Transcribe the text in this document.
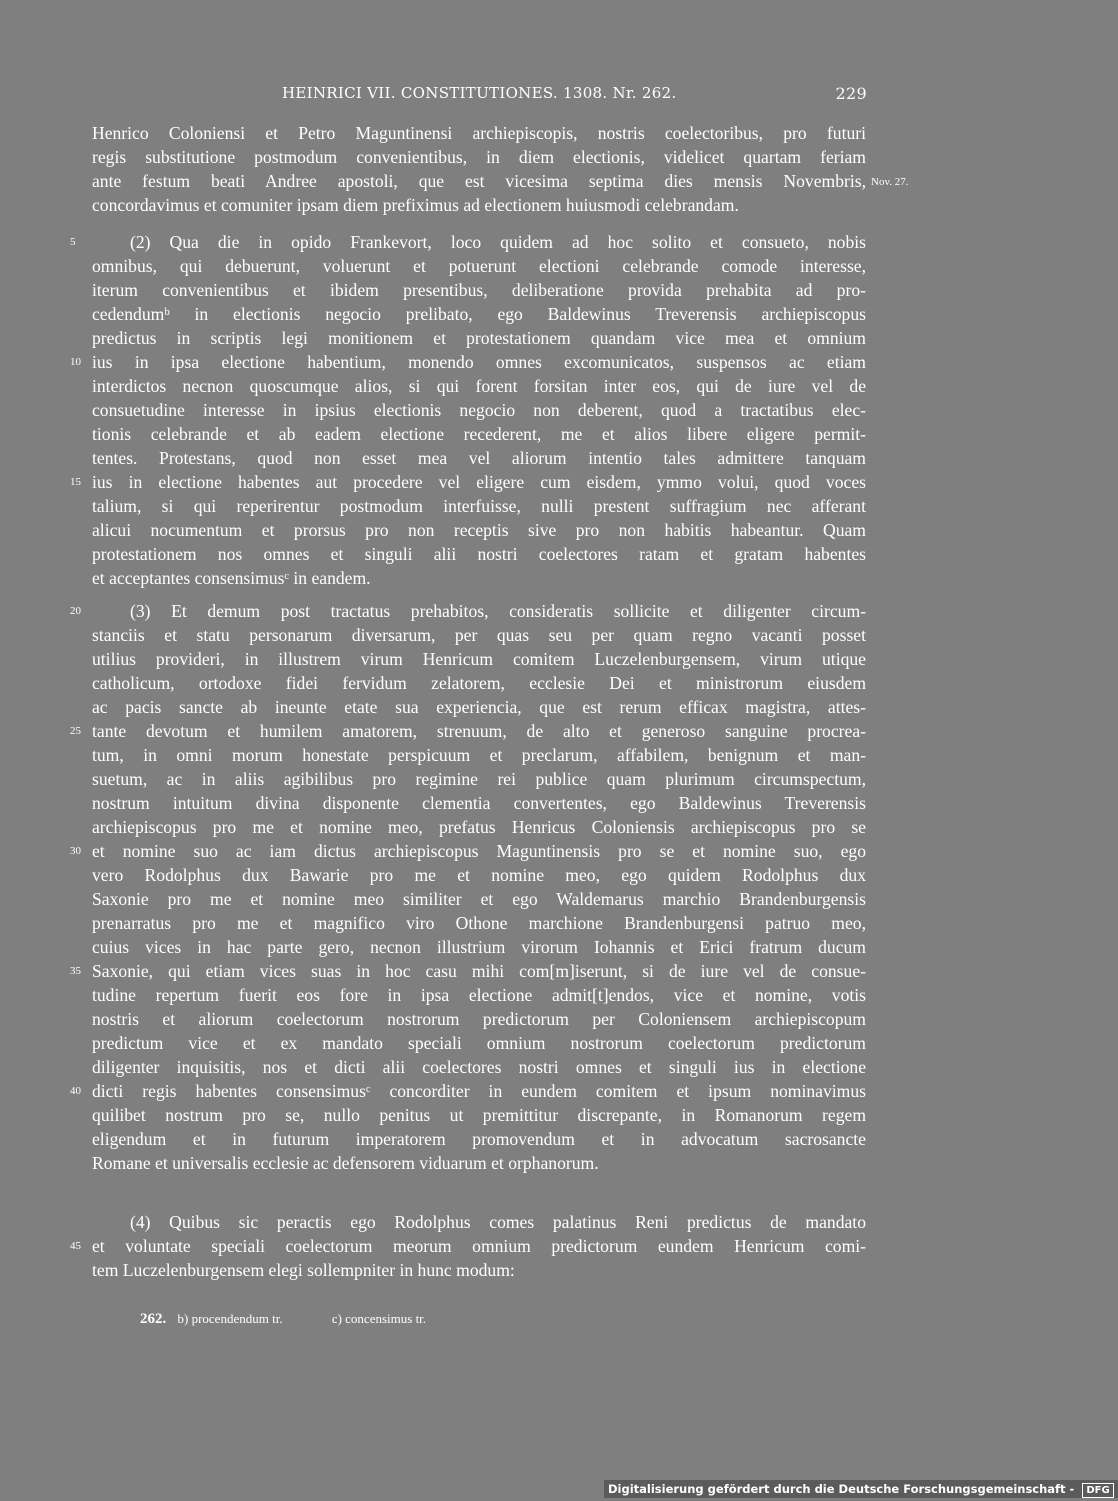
HEINRICI VII. CONSTITUTIONES. 1308. Nr. 262.	229
Henrico Coloniensi et Petro Maguntinensi archiepiscopis, nostris coelectoribus, pro futuri
regis substitutione postmodum convenientibus, in diem electionis, videlicet quartam feriam
ante festum beati Andree apostoli, que est vicesima septima dies mensis Novembris,
concordavimus et comuniter ipsam diem prefiximus ad electionem huiusmodi celebrandam.
Nov. 27.
5	(2) Qua die in opido Frankevort, loco quidem ad hoc solito et consueto, nobis
omnibus, qui debuerunt, voluerunt et potuerunt electioni celebrande comode interesse,
iterum convenientibus et ibidem presentibus, deliberatione provida prehabita ad pro-
cedendumᵇ in electionis negocio prelibato, ego Baldewinus Treverensis archiepiscopus
predictus in scriptis legi monitionem et protestationem quandam vice mea et omnium
10 ius in ipsa electione habentium, monendo omnes excomunicatos, suspensos ac etiam
interdictos necnon quoscumque alios, si qui forent forsitan inter eos, qui de iure vel de
consuetudine interesse in ipsius electionis negocio non deberent, quod a tractatibus elec-
tionis celebrande et ab eadem electione recederent, me et alios libere eligere permit-
tentes. Protestans, quod non esset mea vel aliorum intentio tales admittere tanquam
15 ius in electione habentes aut procedere vel eligere cum eisdem, ymmo volui, quod voces
talium, si qui reperirentur postmodum interfuisse, nulli prestent suffragium nec afferant
alicui nocumentum et prorsus pro non receptis sive pro non habitis habeantur. Quam
protestationem nos omnes et singuli alii nostri coelectores ratam et gratam habentes
et acceptantes consensimusᶜ in eandem.
20	(3) Et demum post tractatus prehabitos, consideratis sollicite et diligenter circum-
stanciis et statu personarum diversarum, per quas seu per quam regno vacanti posset
utilius provideri, in illustrem virum Henricum comitem Luczelenburgensem, virum utique
catholicum, ortodoxe fidei fervidum zelatorem, ecclesie Dei et ministrorum eiusdem
ac pacis sancte ab ineunte etate sua experiencia, que est rerum efficax magistra, attes-
25 tante devotum et humilem amatorem, strenuum, de alto et generoso sanguine procrea-
tum, in omni morum honestate perspicuum et preclarum, affabilem, benignum et man-
suetum, ac in aliis agibilibus pro regimine rei publice quam plurimum circumspectum,
nostrum intuitum divina disponente clementia convertentes, ego Baldewinus Treverensis
archiepiscopus pro me et nomine meo, prefatus Henricus Coloniensis archiepiscopus pro se
30 et nomine suo ac iam dictus archiepiscopus Maguntinensis pro se et nomine suo, ego
vero Rodolphus dux Bawarie pro me et nomine meo, ego quidem Rodolphus dux
Saxonie pro me et nomine meo similiter et ego Waldemarus marchio Brandenburgensis
prenarratus pro me et magnifico viro Othone marchione Brandenburgensi patruo meo,
cuius vices in hac parte gero, necnon illustrium virorum Iohannis et Erici fratrum ducum
35 Saxonie, qui etiam vices suas in hoc casu mihi com[m]iserunt, si de iure vel de consue-
tudine repertum fuerit eos fore in ipsa electione admit[t]endos, vice et nomine, votis
nostris et aliorum coelectorum nostrorum predictorum per Coloniensem archiepiscopum
predictum vice et ex mandato speciali omnium nostrorum coelectorum predictorum
diligenter inquisitis, nos et dicti alii coelectores nostri omnes et singuli ius in electione
40 dicti regis habentes consensimusᶜ concorditer in eundem comitem et ipsum nominavimus
quilibet nostrum pro se, nullo penitus ut premittitur discrepante, in Romanorum regem
eligendum et in futurum imperatorem promovendum et in advocatum sacrosancte
Romane et universalis ecclesie ac defensorem viduarum et orphanorum.
(4) Quibus sic peractis ego Rodolphus comes palatinus Reni predictus de mandato
45 et voluntate speciali coelectorum meorum omnium predictorum eundem Henricum comi-
tem Luczelenburgensem elegi sollempniter in hunc modum:
262. b) procendendum tr.	c) concensimus tr.
Digitalisierung gefördert durch die Deutsche Forschungsgemeinschaft - DFG
